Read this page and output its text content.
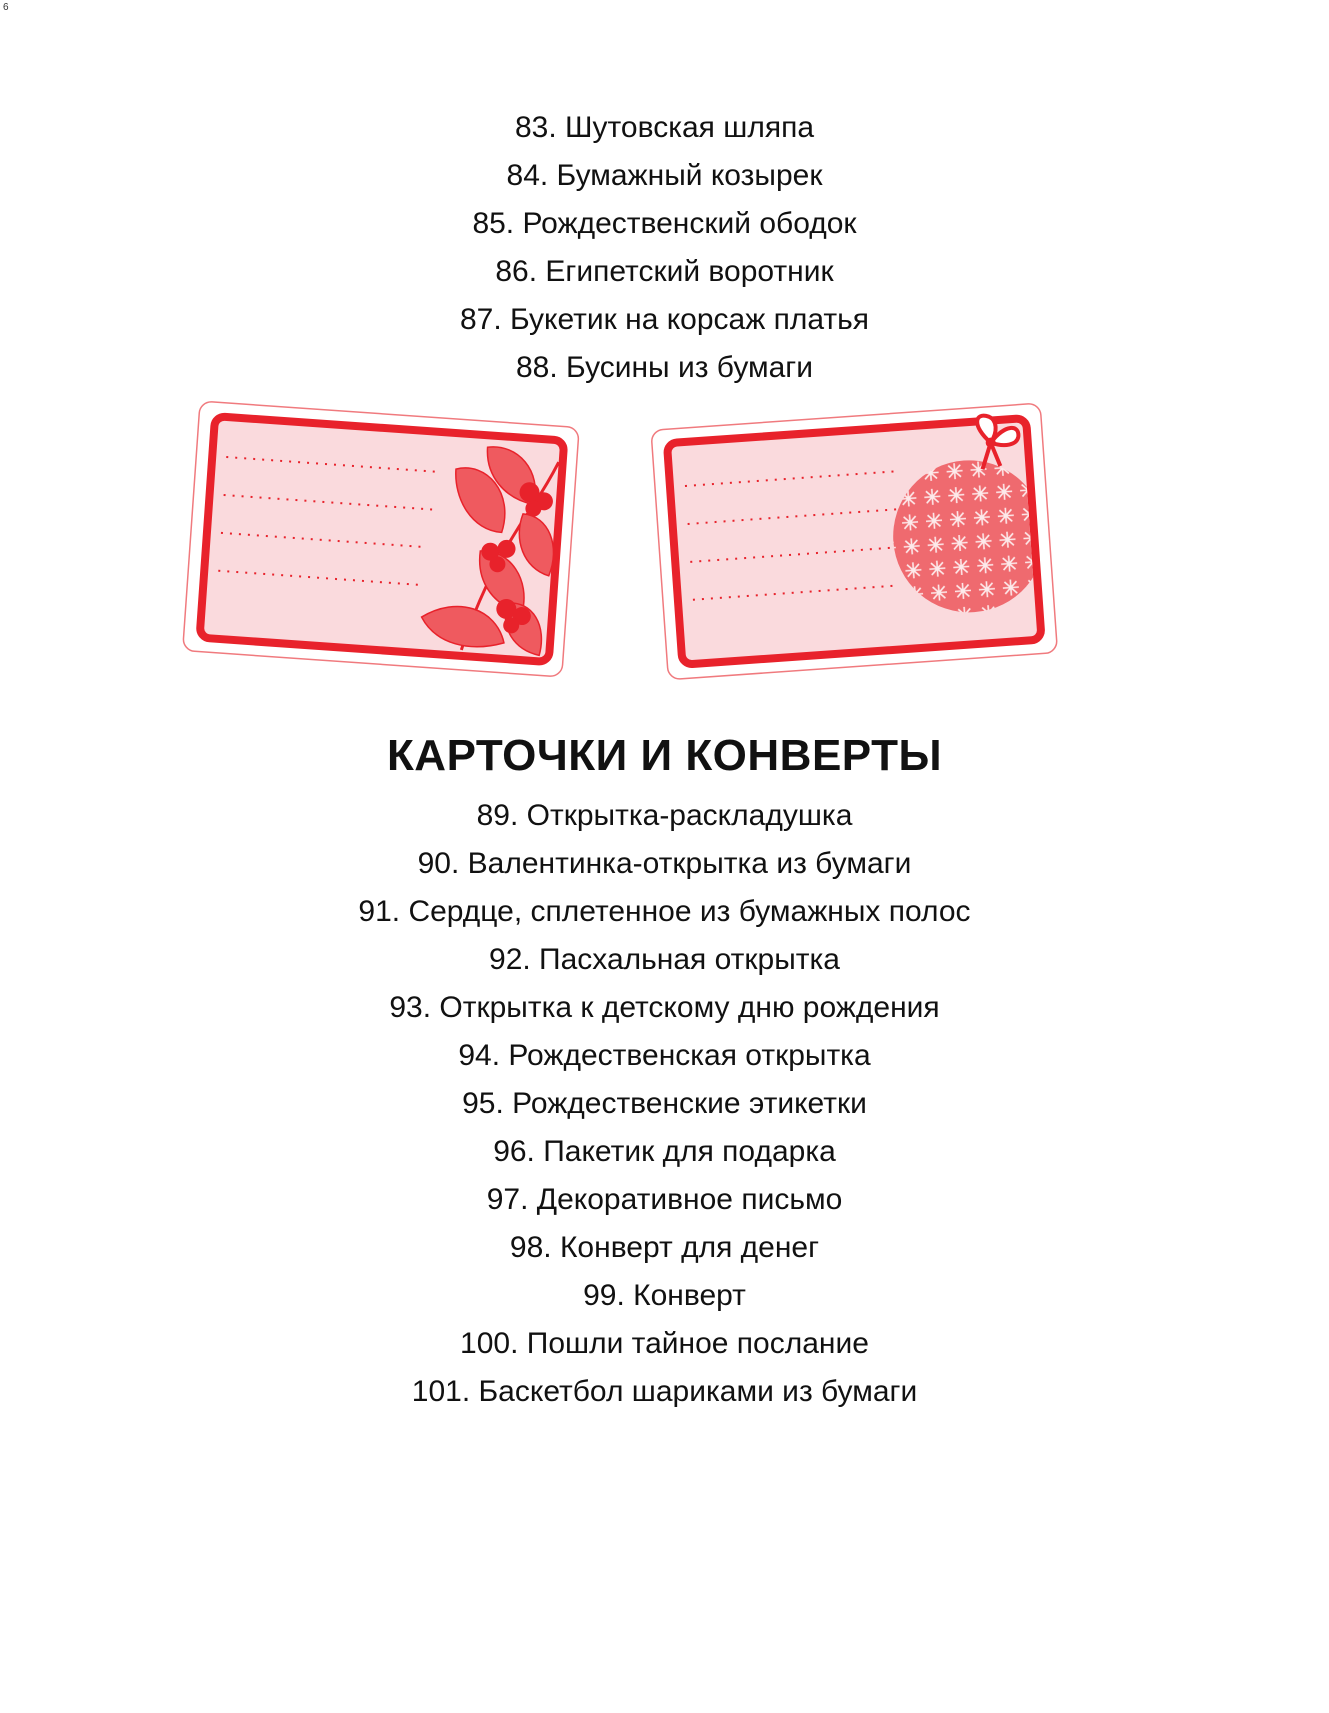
6
83. Шутовская шляпа
84. Бумажный козырек
85. Рождественский ободок
86. Египетский воротник
87. Букетик на корсаж платья
88. Бусины из бумаги
КАРТОЧКИ И КОНВЕРТЫ
89. Открытка-раскладушка
90. Валентинка-открытка из бумаги
91. Сердце, сплетенное из бумажных полос
92. Пасхальная открытка
93. Открытка к детскому дню рождения
94. Рождественская открытка
95. Рождественские этикетки
96. Пакетик для подарка
97. Декоративное письмо
98. Конверт для денег
99. Конверт
100. Пошли тайное послание
101. Баскетбол шариками из бумаги
